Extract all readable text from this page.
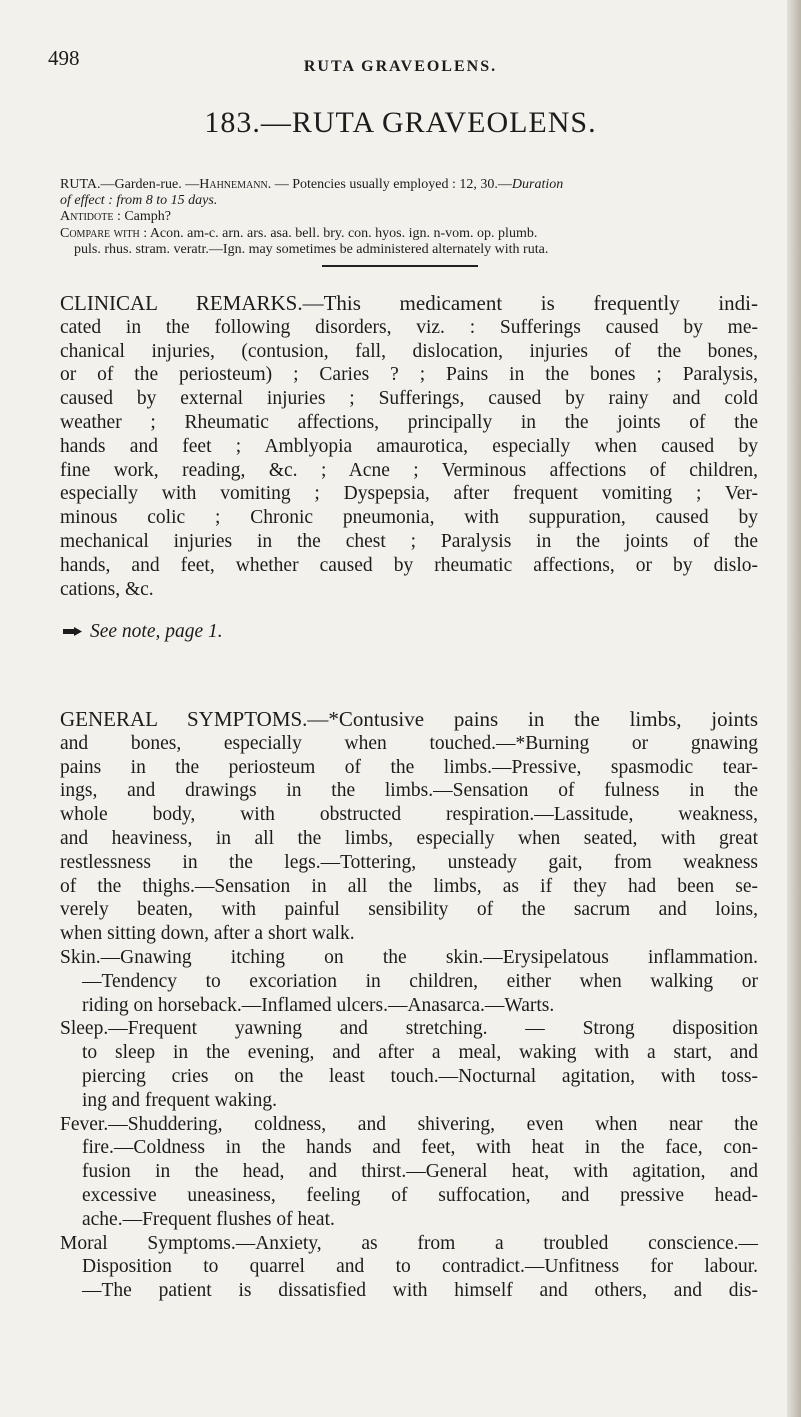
498	RUTA GRAVEOLENS.
183.—RUTA GRAVEOLENS.
RUTA.—Garden-rue. —Hahnemann. — Potencies usually employed : 12, 30.—Duration
of effect : from 8 to 15 days.
Antidote : Camph?
Compare with : Acon. am-c. arn. ars. asa. bell. bry. con. hyos. ign. n-vom. op. plumb.
puls. rhus. stram. veratr.—Ign. may sometimes be administered alternately with ruta.
CLINICAL REMARKS.—This medicament is frequently indi-
cated in the following disorders, viz. : Sufferings caused by me-
chanical injuries, (contusion, fall, dislocation, injuries of the bones,
or of the periosteum) ; Caries ? ; Pains in the bones ; Paralysis,
caused by external injuries ; Sufferings, caused by rainy and cold
weather ; Rheumatic affections, principally in the joints of the
hands and feet ; Amblyopia amaurotica, especially when caused by
fine work, reading, &c. ; Acne ; Verminous affections of children,
especially with vomiting ; Dyspepsia, after frequent vomiting ; Ver-
minous colic ; Chronic pneumonia, with suppuration, caused by
mechanical injuries in the chest ; Paralysis in the joints of the
hands, and feet, whether caused by rheumatic affections, or by dislo-
cations, &c.
See note, page 1.
GENERAL SYMPTOMS.—*Contusive pains in the limbs, joints
and bones, especially when touched.—*Burning or gnawing
pains in the periosteum of the limbs.—Pressive, spasmodic tear-
ings, and drawings in the limbs.—Sensation of fulness in the
whole body, with obstructed respiration.—Lassitude, weakness,
and heaviness, in all the limbs, especially when seated, with great
restlessness in the legs.—Tottering, unsteady gait, from weakness
of the thighs.—Sensation in all the limbs, as if they had been se-
verely beaten, with painful sensibility of the sacrum and loins,
when sitting down, after a short walk.
Skin.—Gnawing itching on the skin.—Erysipelatous inflammation.
—Tendency to excoriation in children, either when walking or
riding on horseback.—Inflamed ulcers.—Anasarca.—Warts.
Sleep.—Frequent yawning and stretching. — Strong disposition
to sleep in the evening, and after a meal, waking with a start, and
piercing cries on the least touch.—Nocturnal agitation, with toss-
ing and frequent waking.
Fever.—Shuddering, coldness, and shivering, even when near the
fire.—Coldness in the hands and feet, with heat in the face, con-
fusion in the head, and thirst.—General heat, with agitation, and
excessive uneasiness, feeling of suffocation, and pressive head-
ache.—Frequent flushes of heat.
Moral Symptoms.—Anxiety, as from a troubled conscience.—
Disposition to quarrel and to contradict.—Unfitness for labour.
—The patient is dissatisfied with himself and others, and dis-
